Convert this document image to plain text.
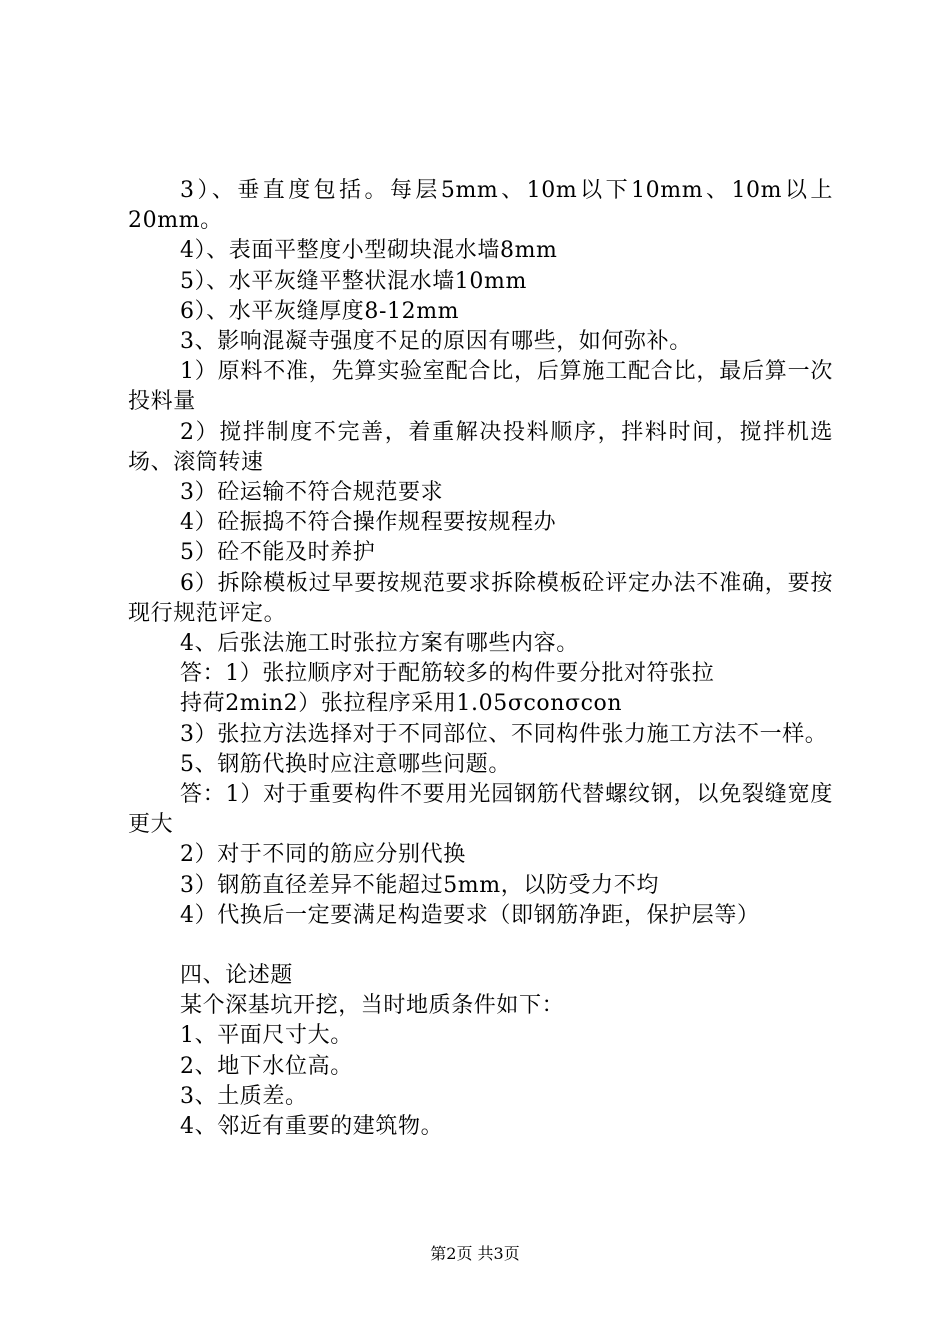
3）、垂直度包括。每层5mm、10m以下10mm、10m以上20mm。

4）、表面平整度小型砌块混水墙8mm

5）、水平灰缝平整状混水墙10mm

6）、水平灰缝厚度8-12mm

3、影响混凝寺强度不足的原因有哪些，如何弥补。

1）原料不准，先算实验室配合比，后算施工配合比，最后算一次投料量

2）搅拌制度不完善，着重解决投料顺序，拌料时间，搅拌机选场、滚筒转速

3）砼运输不符合规范要求

4）砼振捣不符合操作规程要按规程办

5）砼不能及时养护

6）拆除模板过早要按规范要求拆除模板砼评定办法不准确，要按现行规范评定。

4、后张法施工时张拉方案有哪些内容。

答：1）张拉顺序对于配筋较多的构件要分批对符张拉

持荷2min2）张拉程序采用1.05σconσcon

3）张拉方法选择对于不同部位、不同构件张力施工方法不一样。

5、钢筋代换时应注意哪些问题。

答：1）对于重要构件不要用光园钢筋代替螺纹钢，以免裂缝宽度更大

2）对于不同的筋应分别代换

3）钢筋直径差异不能超过5mm，以防受力不均

4）代换后一定要满足构造要求（即钢筋净距，保护层等）

四、论述题

某个深基坑开挖，当时地质条件如下：

1、平面尺寸大。

2、地下水位高。

3、土质差。

4、邻近有重要的建筑物。

第2页 共3页
